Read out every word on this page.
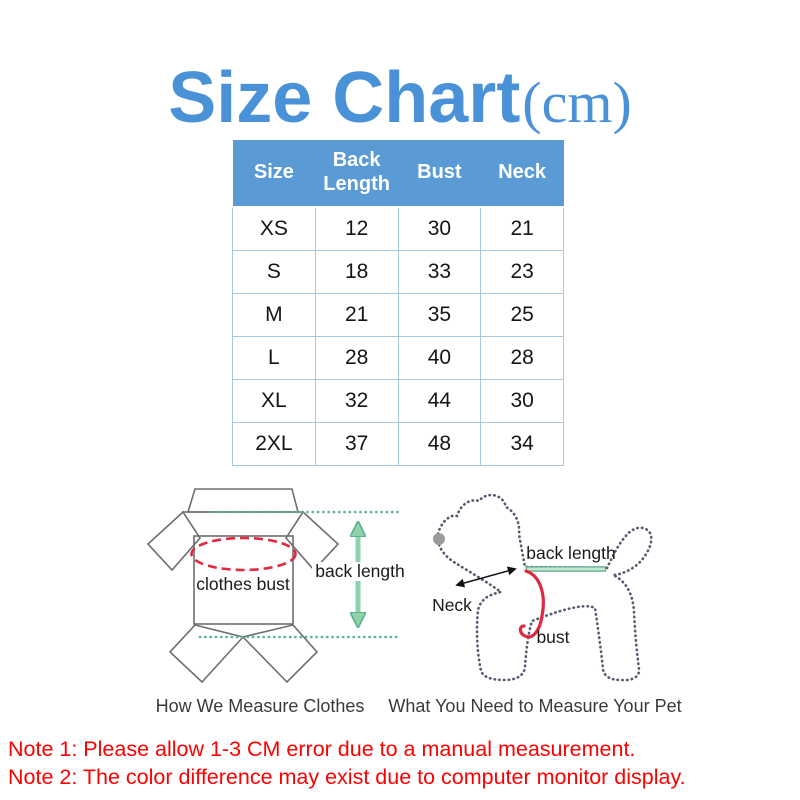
Size Chart(cm)
Size	Back Length	Bust	Neck
XS	12	30	21
S	18	33	23
M	21	35	25
L	28	40	28
XL	32	44	30
2XL	37	48	34
back length
clothes bust
back length
Neck
bust
How We Measure Clothes	What You Need to Measure Your Pet
Note 1: Please allow 1-3 CM error due to a manual measurement.
Note 2: The color difference may exist due to computer monitor display.
